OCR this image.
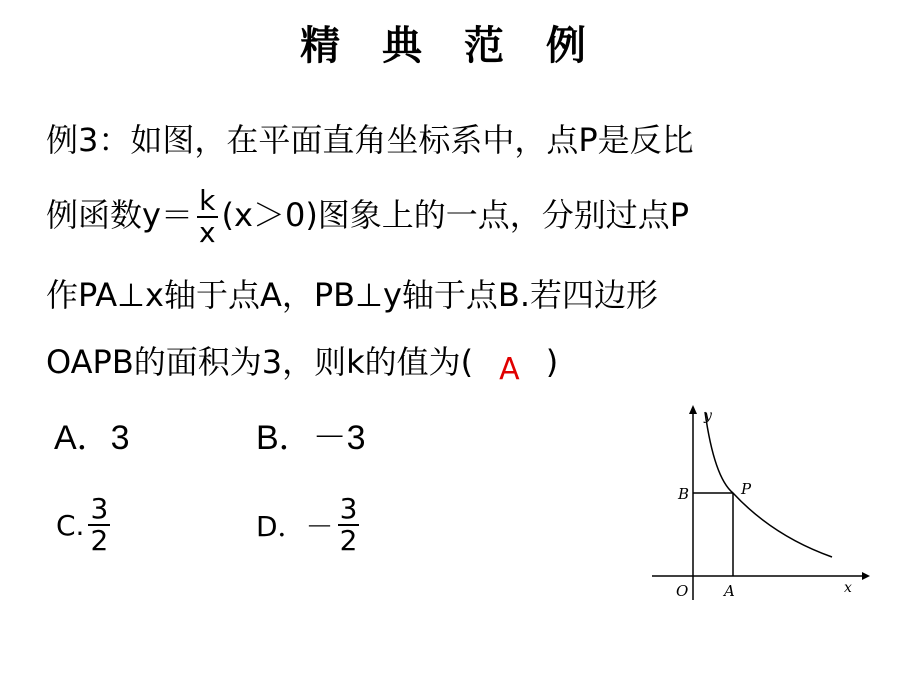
精 典 范 例
例3：如图，在平面直角坐标系中，点P是反比
例函数$y= \frac{k}{x} (x>0)$图象上的一点，分别过点P
作PA⊥x轴于点A，PB⊥y轴于点B.若四边形
OAPB的面积为3，则k的值为( A )
A．3	B．－3
C. $\frac{3}{2}$	D．－ $\frac{3}{2}$
y
x
O A
B	P
